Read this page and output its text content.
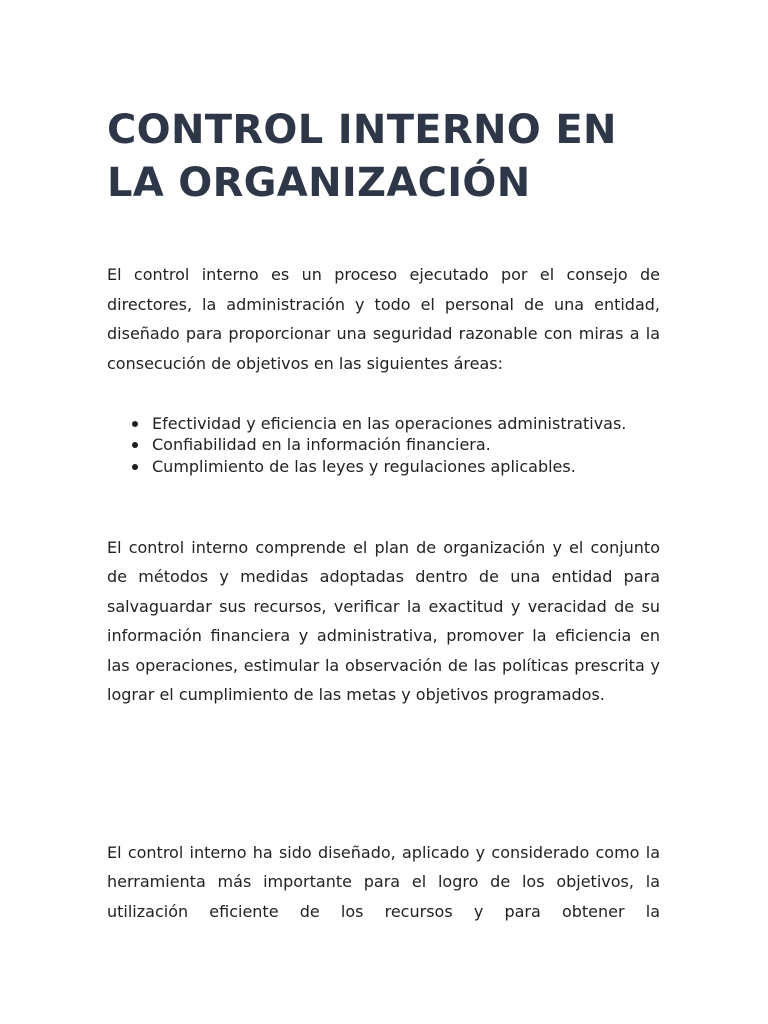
CONTROL INTERNO EN
LA ORGANIZACIÓN

El control interno es un proceso ejecutado por el consejo de directores, la administración y todo el personal de una entidad, diseñado para proporcionar una seguridad razonable con miras a la consecución de objetivos en las siguientes áreas:

Efectividad y eficiencia en las operaciones administrativas.
Confiabilidad en la información financiera.
Cumplimiento de las leyes y regulaciones aplicables.

El control interno comprende el plan de organización y el conjunto de métodos y medidas adoptadas dentro de una entidad para salvaguardar sus recursos, verificar la exactitud y veracidad de su información financiera y administrativa, promover la eficiencia en las operaciones, estimular la observación de las políticas prescrita y lograr el cumplimiento de las metas y objetivos programados.

El control interno ha sido diseñado, aplicado y considerado como la herramienta más importante para el logro de los objetivos, la utilización eficiente de los recursos y para obtener la
